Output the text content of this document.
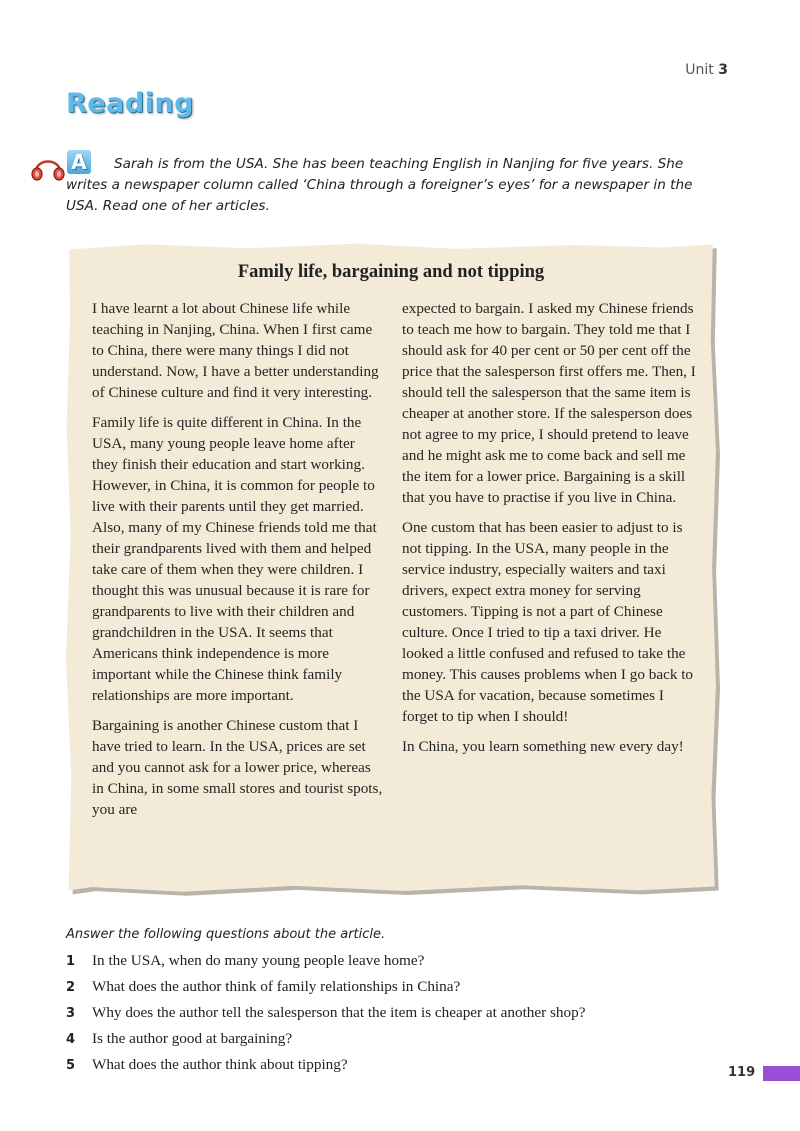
Unit 3
Reading
A	Sarah is from the USA. She has been teaching English in Nanjing for five years. She writes a newspaper column called ‘China through a foreigner’s eyes’ for a newspaper in the USA. Read one of her articles.
Family life, bargaining and not tipping

I have learnt a lot about Chinese life while teaching in Nanjing, China. When I first came to China, there were many things I did not understand. Now, I have a better understanding of Chinese culture and find it very interesting.

Family life is quite different in China. In the USA, many young people leave home after they finish their education and start working. However, in China, it is common for people to live with their parents until they get married. Also, many of my Chinese friends told me that their grandparents lived with them and helped take care of them when they were children. I thought this was unusual because it is rare for grandparents to live with their children and grandchildren in the USA. It seems that Americans think independence is more important while the Chinese think family relationships are more important.

Bargaining is another Chinese custom that I have tried to learn. In the USA, prices are set and you cannot ask for a lower price, whereas in China, in some small stores and tourist spots, you are

expected to bargain. I asked my Chinese friends to teach me how to bargain. They told me that I should ask for 40 per cent or 50 per cent off the price that the salesperson first offers me. Then, I should tell the salesperson that the same item is cheaper at another store. If the salesperson does not agree to my price, I should pretend to leave and he might ask me to come back and sell me the item for a lower price. Bargaining is a skill that you have to practise if you live in China.

One custom that has been easier to adjust to is not tipping. In the USA, many people in the service industry, especially waiters and taxi drivers, expect extra money for serving customers. Tipping is not a part of Chinese culture. Once I tried to tip a taxi driver. He looked a little confused and refused to take the money. This causes problems when I go back to the USA for vacation, because sometimes I forget to tip when I should!

In China, you learn something new every day!

Answer the following questions about the article.
1 In the USA, when do many young people leave home?
2 What does the author think of family relationships in China?
3 Why does the author tell the salesperson that the item is cheaper at another shop?
4 Is the author good at bargaining?
5 What does the author think about tipping?	119
